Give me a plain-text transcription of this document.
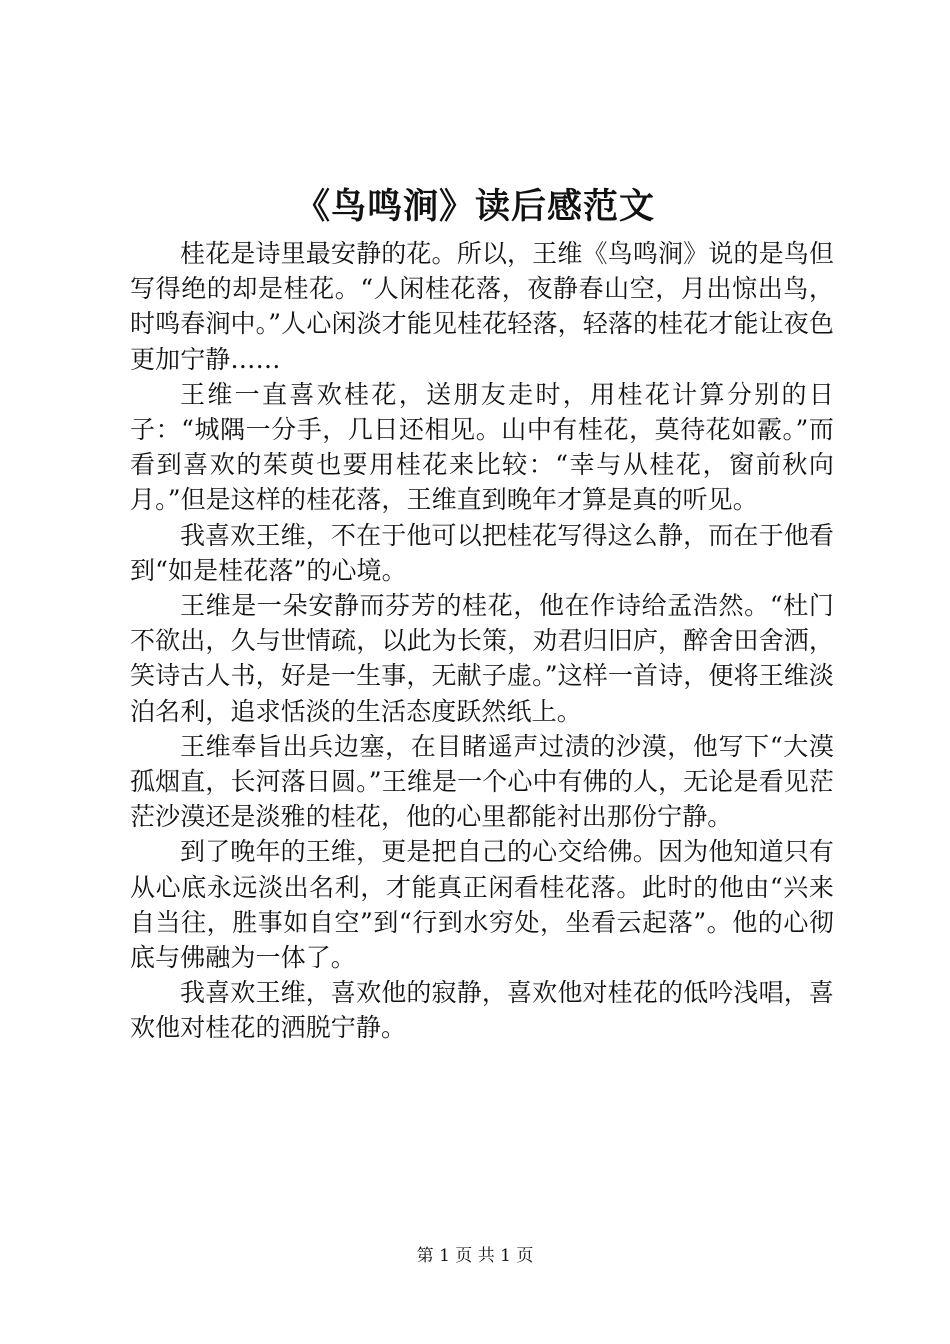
《鸟鸣涧》读后感范文

桂花是诗里最安静的花。所以，王维《鸟鸣涧》说的是鸟但写得绝的却是桂花。“人闲桂花落，夜静春山空，月出惊出鸟，时鸣春涧中。”人心闲淡才能见桂花轻落，轻落的桂花才能让夜色更加宁静……

王维一直喜欢桂花，送朋友走时，用桂花计算分别的日子：“城隅一分手，几日还相见。山中有桂花，莫待花如霰。”而看到喜欢的茱萸也要用桂花来比较：“幸与从桂花，窗前秋向月。”但是这样的桂花落，王维直到晚年才算是真的听见。

我喜欢王维，不在于他可以把桂花写得这么静，而在于他看到“如是桂花落”的心境。

王维是一朵安静而芬芳的桂花，他在作诗给孟浩然。“杜门不欲出，久与世情疏，以此为长策，劝君归旧庐，醉舍田舍洒，笑诗古人书，好是一生事，无献子虚。”这样一首诗，便将王维淡泊名利，追求恬淡的生活态度跃然纸上。

王维奉旨出兵边塞，在目睹遥声过渍的沙漠，他写下“大漠孤烟直，长河落日圆。”王维是一个心中有佛的人，无论是看见茫茫沙漠还是淡雅的桂花，他的心里都能衬出那份宁静。

到了晚年的王维，更是把自己的心交给佛。因为他知道只有从心底永远淡出名利，才能真正闲看桂花落。此时的他由“兴来自当往，胜事如自空”到“行到水穷处，坐看云起落”。他的心彻底与佛融为一体了。

我喜欢王维，喜欢他的寂静，喜欢他对桂花的低吟浅唱，喜欢他对桂花的洒脱宁静。

第 1 页 共 1 页
